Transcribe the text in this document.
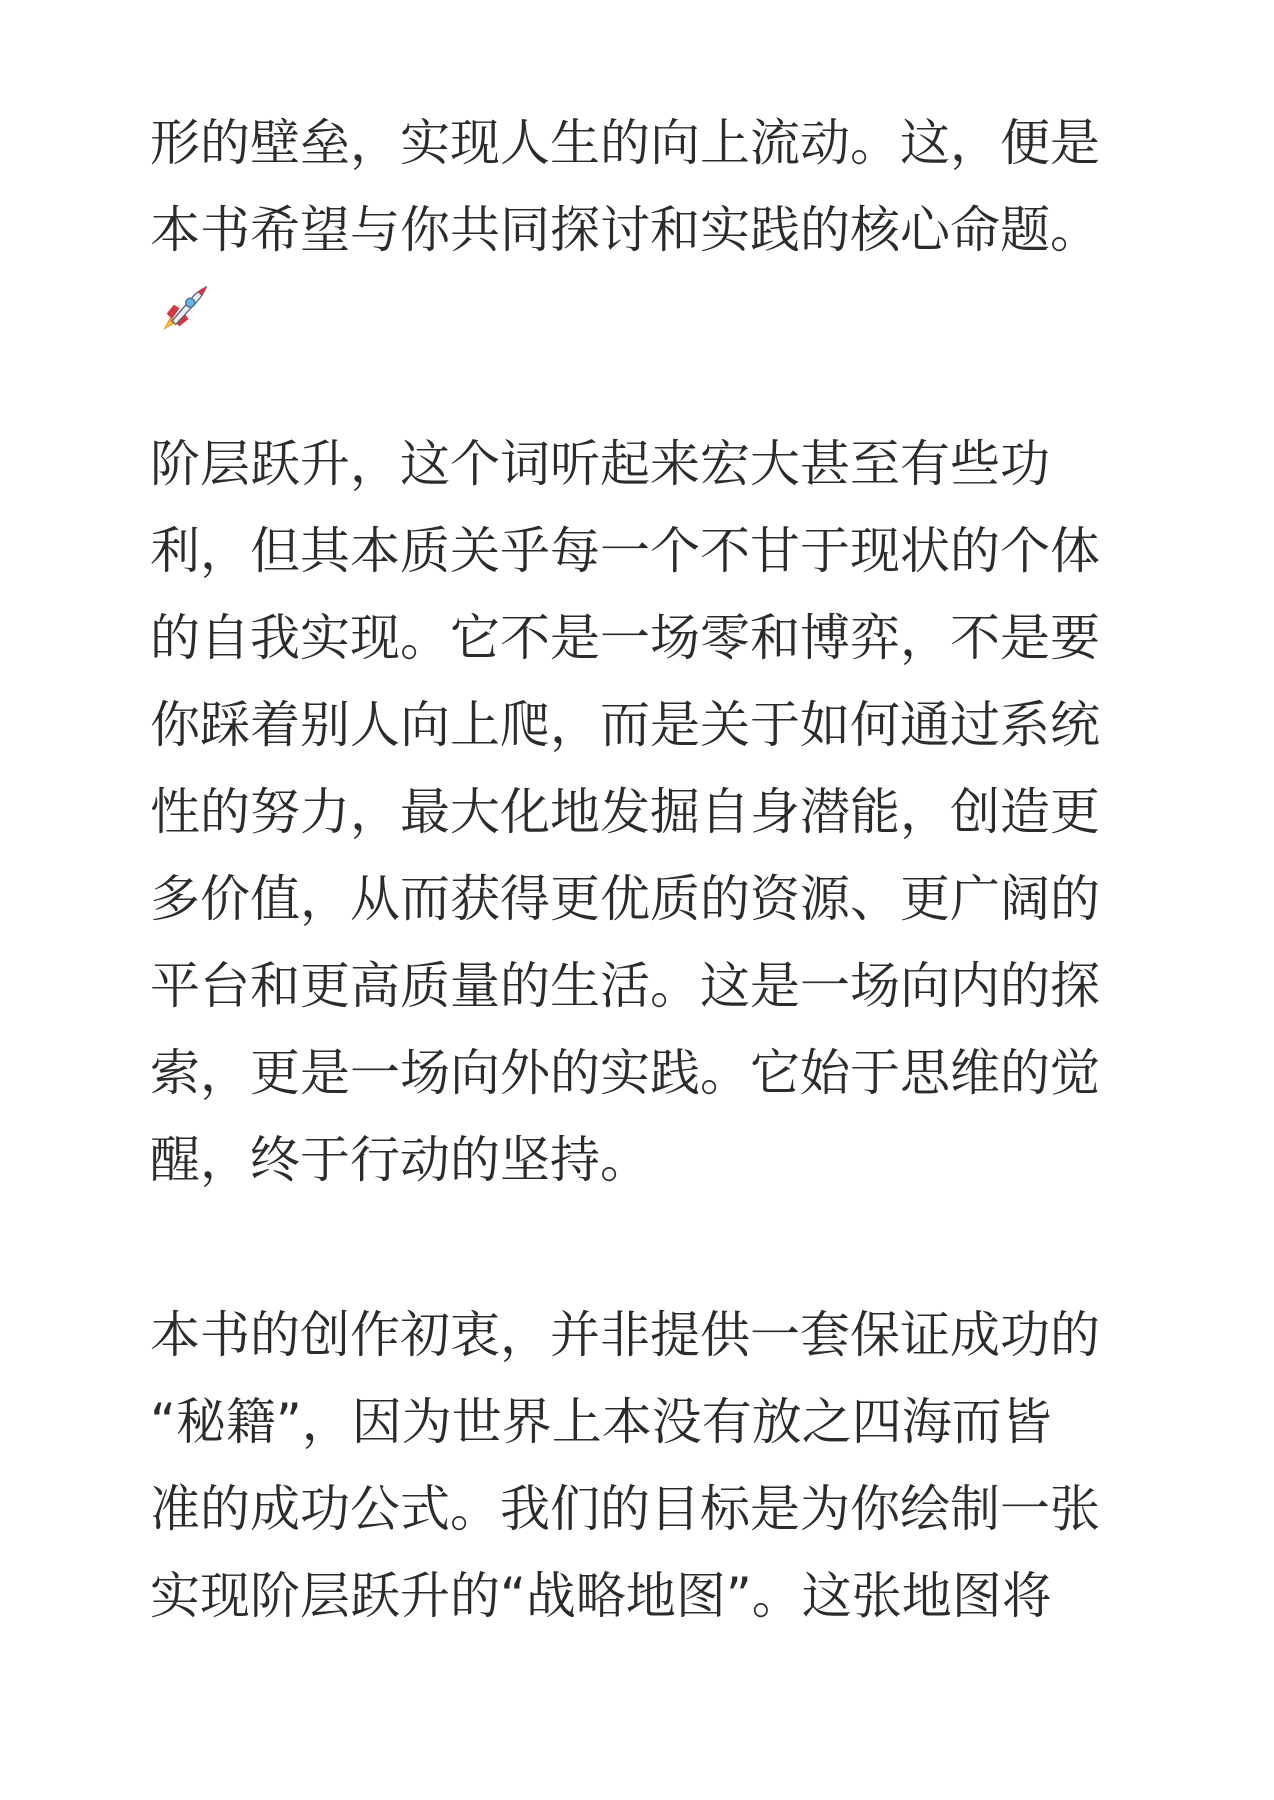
形的壁垒，实现人生的向上流动。这，便是
本书希望与你共同探讨和实践的核心命题。
阶层跃升，这个词听起来宏大甚至有些功
利，但其本质关乎每一个不甘于现状的个体
的自我实现。它不是一场零和博弈，不是要
你踩着别人向上爬，而是关于如何通过系统
性的努力，最大化地发掘自身潜能，创造更
多价值，从而获得更优质的资源、更广阔的
平台和更高质量的生活。这是一场向内的探
索，更是一场向外的实践。它始于思维的觉
醒，终于行动的坚持。
本书的创作初衷，并非提供一套保证成功的
“秘籍”，因为世界上本没有放之四海而皆
准的成功公式。我们的目标是为你绘制一张
实现阶层跃升的“战略地图”。这张地图将
